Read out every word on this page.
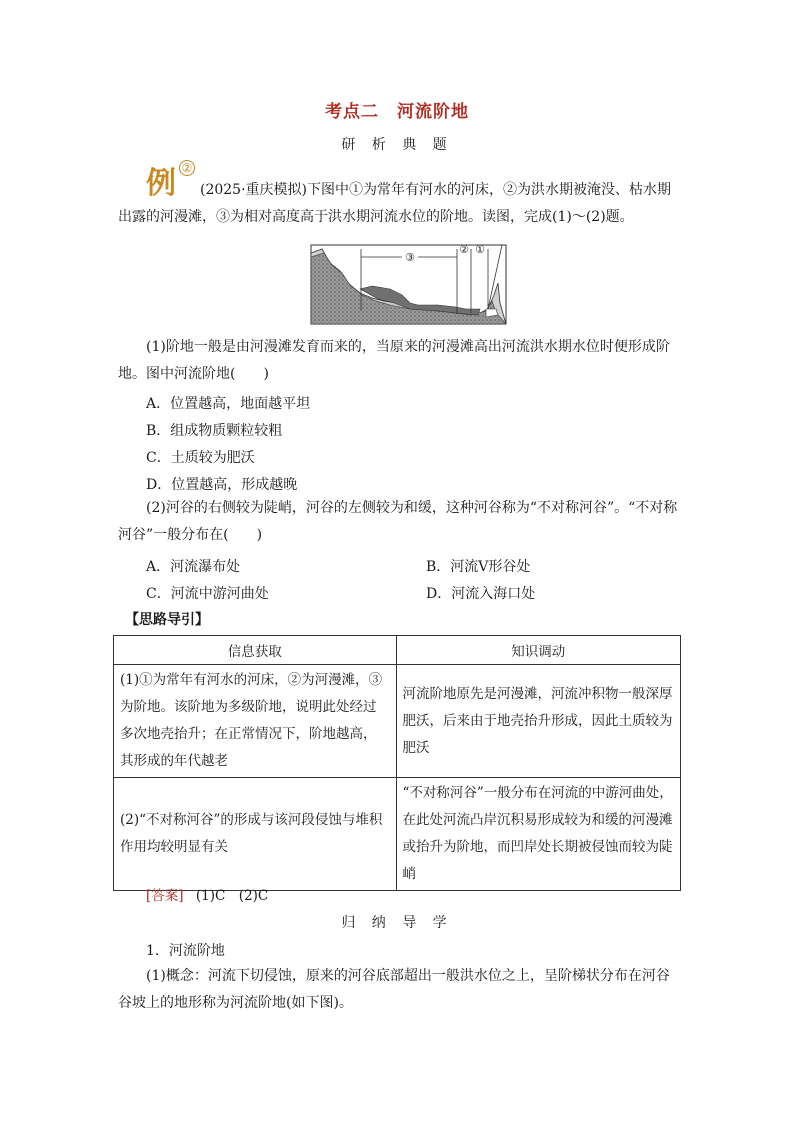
考点二　河流阶地
研 析 典 题
例 ②
(2025·重庆模拟)下图中①为常年有河水的河床，②为洪水期被淹没、枯水期出露的河漫滩，③为相对高度高于洪水期河流水位的阶地。读图，完成(1)～(2)题。
③
② ①
(1)阶地一般是由河漫滩发育而来的，当原来的河漫滩高出河流洪水期水位时便形成阶地。图中河流阶地(　　)
A．位置越高，地面越平坦
B．组成物质颗粒较粗
C．土质较为肥沃
D．位置越高，形成越晚
(2)河谷的右侧较为陡峭，河谷的左侧较为和缓，这种河谷称为“不对称河谷”。“不对称河谷”一般分布在(　　)
A．河流瀑布处	B．河流V形谷处
C．河流中游河曲处	D．河流入海口处
【思路导引】
信息获取	知识调动
(1)①为常年有河水的河床，②为河漫滩，③为阶地。该阶地为多级阶地，说明此处经过多次地壳抬升；在正常情况下，阶地越高，其形成的年代越老	河流阶地原先是河漫滩，河流冲积物一般深厚肥沃，后来由于地壳抬升形成，因此土质较为肥沃
(2)“不对称河谷”的形成与该河段侵蚀与堆积作用均较明显有关	“不对称河谷”一般分布在河流的中游河曲处，在此处河流凸岸沉积易形成较为和缓的河漫滩或抬升为阶地，而凹岸处长期被侵蚀而较为陡峭
[答案] (1)C　(2)C
归 纳 导 学
1．河流阶地
(1)概念：河流下切侵蚀，原来的河谷底部超出一般洪水位之上，呈阶梯状分布在河谷谷坡上的地形称为河流阶地(如下图)。
